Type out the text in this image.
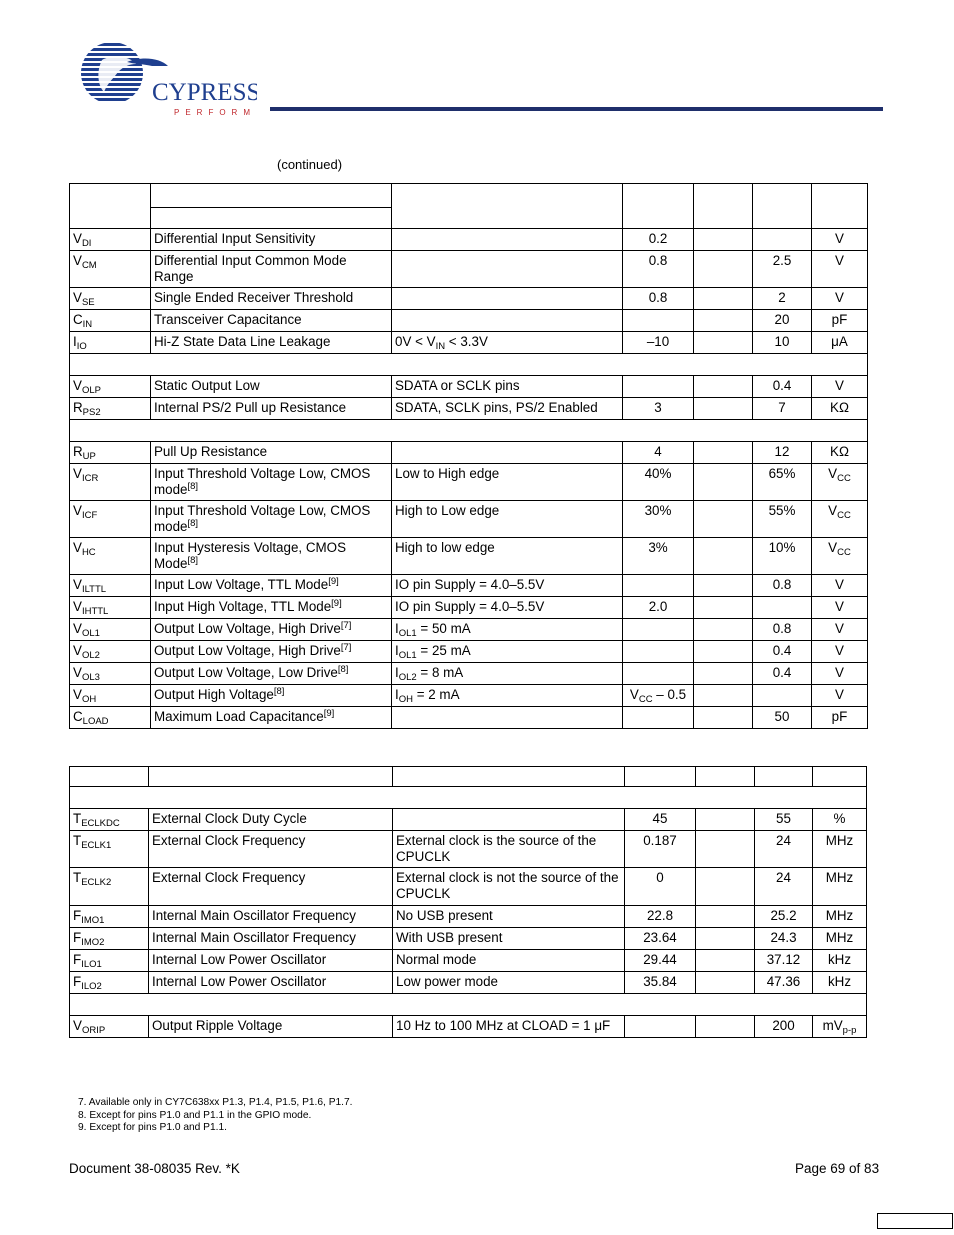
CYPRESS
PERFORM
(continued)

$V_{DI}$	Differential Input Sensitivity		0.2			V
$V_{CM}$	Differential Input Common Mode Range		0.8		2.5	V
$V_{SE}$	Single Ended Receiver Threshold		0.8		2	V
$C_{IN}$	Transceiver Capacitance				20	pF
$I_{IO}$	Hi-Z State Data Line Leakage	$0V < V_{IN} < 3.3V$	–10		10	μA

$V_{OLP}$	Static Output Low	SDATA or SCLK pins			0.4	V
$R_{PS2}$	Internal PS/2 Pull up Resistance	SDATA, SCLK pins, PS/2 Enabled	3		7	KΩ

$R_{UP}$	Pull Up Resistance		4		12	KΩ
$V_{ICR}$	Input Threshold Voltage Low, CMOS mode[8]	Low to High edge	40%		65%	$V_{CC}$
$V_{ICF}$	Input Threshold Voltage Low, CMOS mode[8]	High to Low edge	30%		55%	$V_{CC}$
$V_{HC}$	Input Hysteresis Voltage, CMOS Mode[8]	High to low edge	3%		10%	$V_{CC}$
$V_{ILTTL}$	Input Low Voltage, TTL Mode[9]	IO pin Supply = 4.0–5.5V			0.8	V
$V_{IHTTL}$	Input High Voltage, TTL Mode[9]	IO pin Supply = 4.0–5.5V	2.0			V
$V_{OL1}$	Output Low Voltage, High Drive[7]	$I_{OL1} = 50$ mA			0.8	V
$V_{OL2}$	Output Low Voltage, High Drive[7]	$I_{OL1} = 25$ mA			0.4	V
$V_{OL3}$	Output Low Voltage, Low Drive[8]	$I_{OL2} = 8$ mA			0.4	V
$V_{OH}$	Output High Voltage[8]	$I_{OH} = 2$ mA	$V_{CC} - 0.5$			V
$C_{LOAD}$	Maximum Load Capacitance[9]				50	pF

$T_{ECLKDC}$	External Clock Duty Cycle		45		55	%
$T_{ECLK1}$	External Clock Frequency	External clock is the source of the CPUCLK	0.187		24	MHz
$T_{ECLK2}$	External Clock Frequency	External clock is not the source of the CPUCLK	0		24	MHz
$F_{IMO1}$	Internal Main Oscillator Frequency	No USB present	22.8		25.2	MHz
$F_{IMO2}$	Internal Main Oscillator Frequency	With USB present	23.64		24.3	MHz
$F_{ILO1}$	Internal Low Power Oscillator	Normal mode	29.44		37.12	kHz
$F_{ILO2}$	Internal Low Power Oscillator	Low power mode	35.84		47.36	kHz

$V_{ORIP}$	Output Ripple Voltage	10 Hz to 100 MHz at CLOAD = 1 μF			200	$mV_{p-p}$
7. Available only in CY7C638xx P1.3, P1.4, P1.5, P1.6, P1.7.
8. Except for pins P1.0 and P1.1 in the GPIO mode.
9. Except for pins P1.0 and P1.1.
Document 38-08035 Rev. *K	Page 69 of 83
